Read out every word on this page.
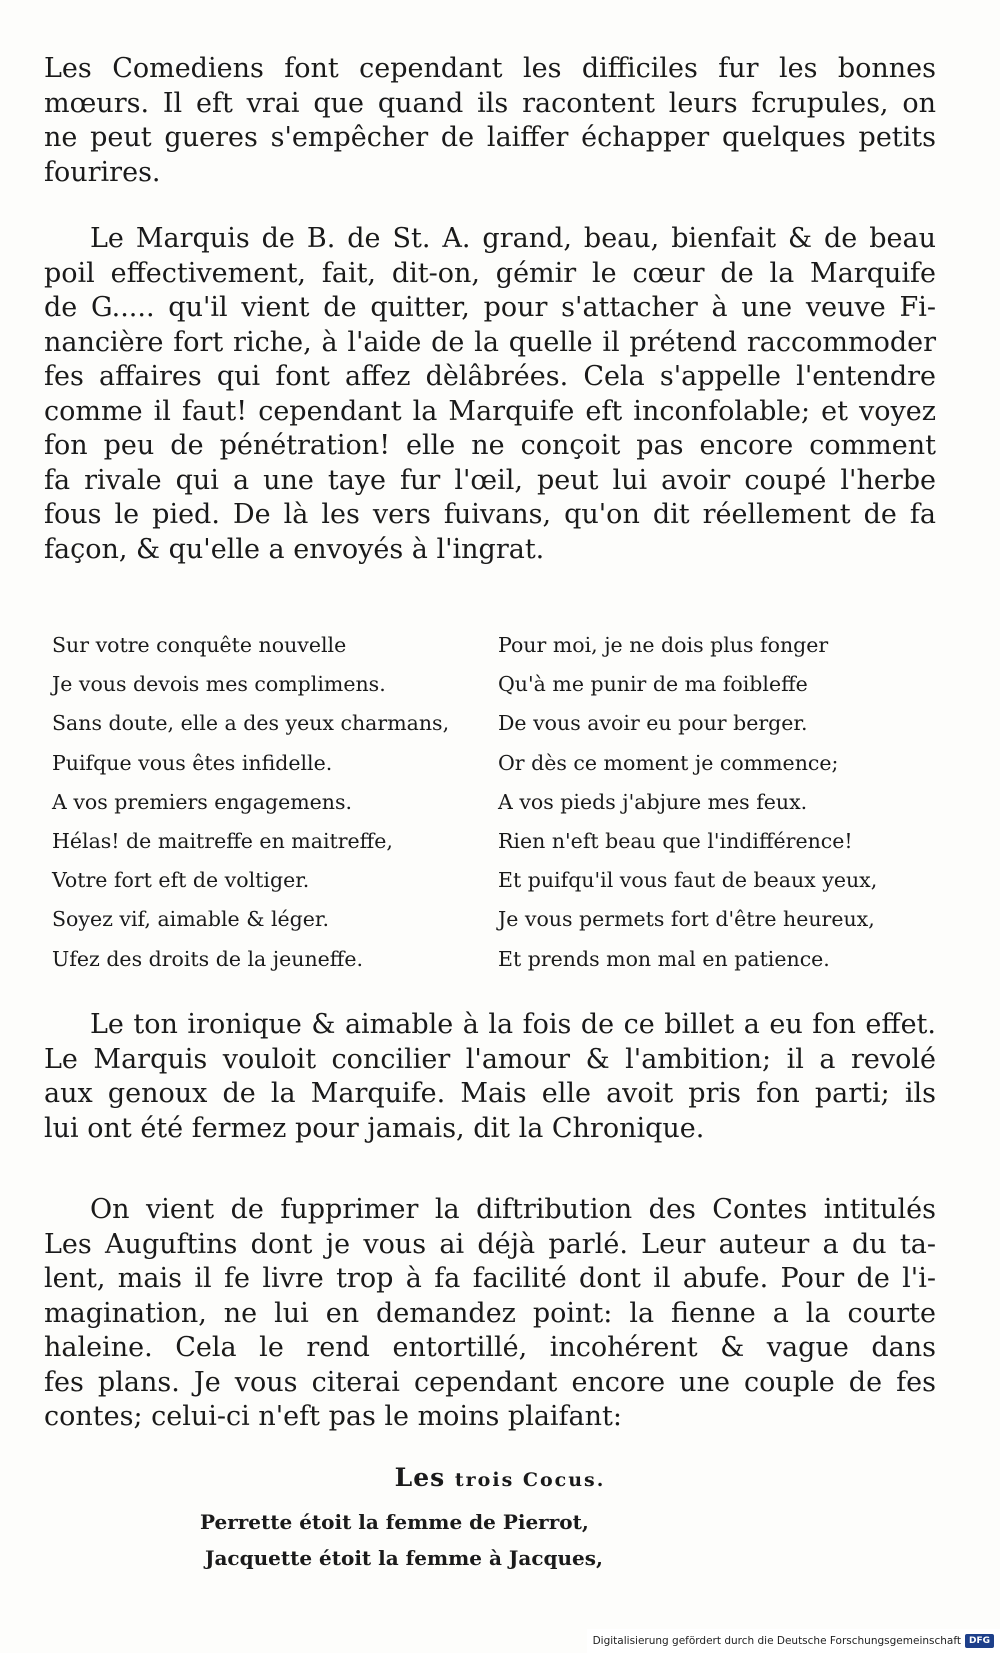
Les Comediens font cependant les difficiles fur les bonnes
mœurs. Il eft vrai que quand ils racontent leurs fcrupules, on
ne peut gueres s'empêcher de laiffer échapper quelques petits
fourires.
Le Marquis de B. de St. A. grand, beau, bienfait & de beau
poil effectivement, fait, dit-on, gémir le cœur de la Marquife
de G..... qu'il vient de quitter, pour s'attacher à une veuve Fi-
nancière fort riche, à l'aide de la quelle il prétend raccommoder
fes affaires qui font affez dèlâbrées. Cela s'appelle l'entendre
comme il faut! cependant la Marquife eft inconfolable; et voyez
fon peu de pénétration! elle ne conçoit pas encore comment
fa rivale qui a une taye fur l'œil, peut lui avoir coupé l'herbe
fous le pied. De là les vers fuivans, qu'on dit réellement de fa
façon, & qu'elle a envoyés à l'ingrat.
Sur votre conquête nouvelle
Je vous devois mes complimens.
Sans doute, elle a des yeux charmans,
Puifque vous êtes infidelle.
A vos premiers engagemens.
Hélas! de maitreffe en maitreffe,
Votre fort eft de voltiger.
Soyez vif, aimable & léger.
Ufez des droits de la jeuneffe.
Pour moi, je ne dois plus fonger
Qu'à me punir de ma foibleffe
De vous avoir eu pour berger.
Or dès ce moment je commence;
A vos pieds j'abjure mes feux.
Rien n'eft beau que l'indifférence!
Et puifqu'il vous faut de beaux yeux,
Je vous permets fort d'être heureux,
Et prends mon mal en patience.
Le ton ironique & aimable à la fois de ce billet a eu fon effet.
Le Marquis vouloit concilier l'amour & l'ambition; il a revolé
aux genoux de la Marquife. Mais elle avoit pris fon parti; ils
lui ont été fermez pour jamais, dit la Chronique.
On vient de fupprimer la diftribution des Contes intitulés
Les Auguftins dont je vous ai déjà parlé. Leur auteur a du ta-
lent, mais il fe livre trop à fa facilité dont il abufe. Pour de l'i-
magination, ne lui en demandez point: la fienne a la courte
haleine. Cela le rend entortillé, incohérent & vague dans
fes plans. Je vous citerai cependant encore une couple de fes
contes; celui-ci n'eft pas le moins plaifant:
Les trois Cocus.
Perrette étoit la femme de Pierrot,
Jacquette étoit la femme à Jacques,
Digitalisierung gefördert durch die Deutsche Forschungsgemeinschaft DFG
